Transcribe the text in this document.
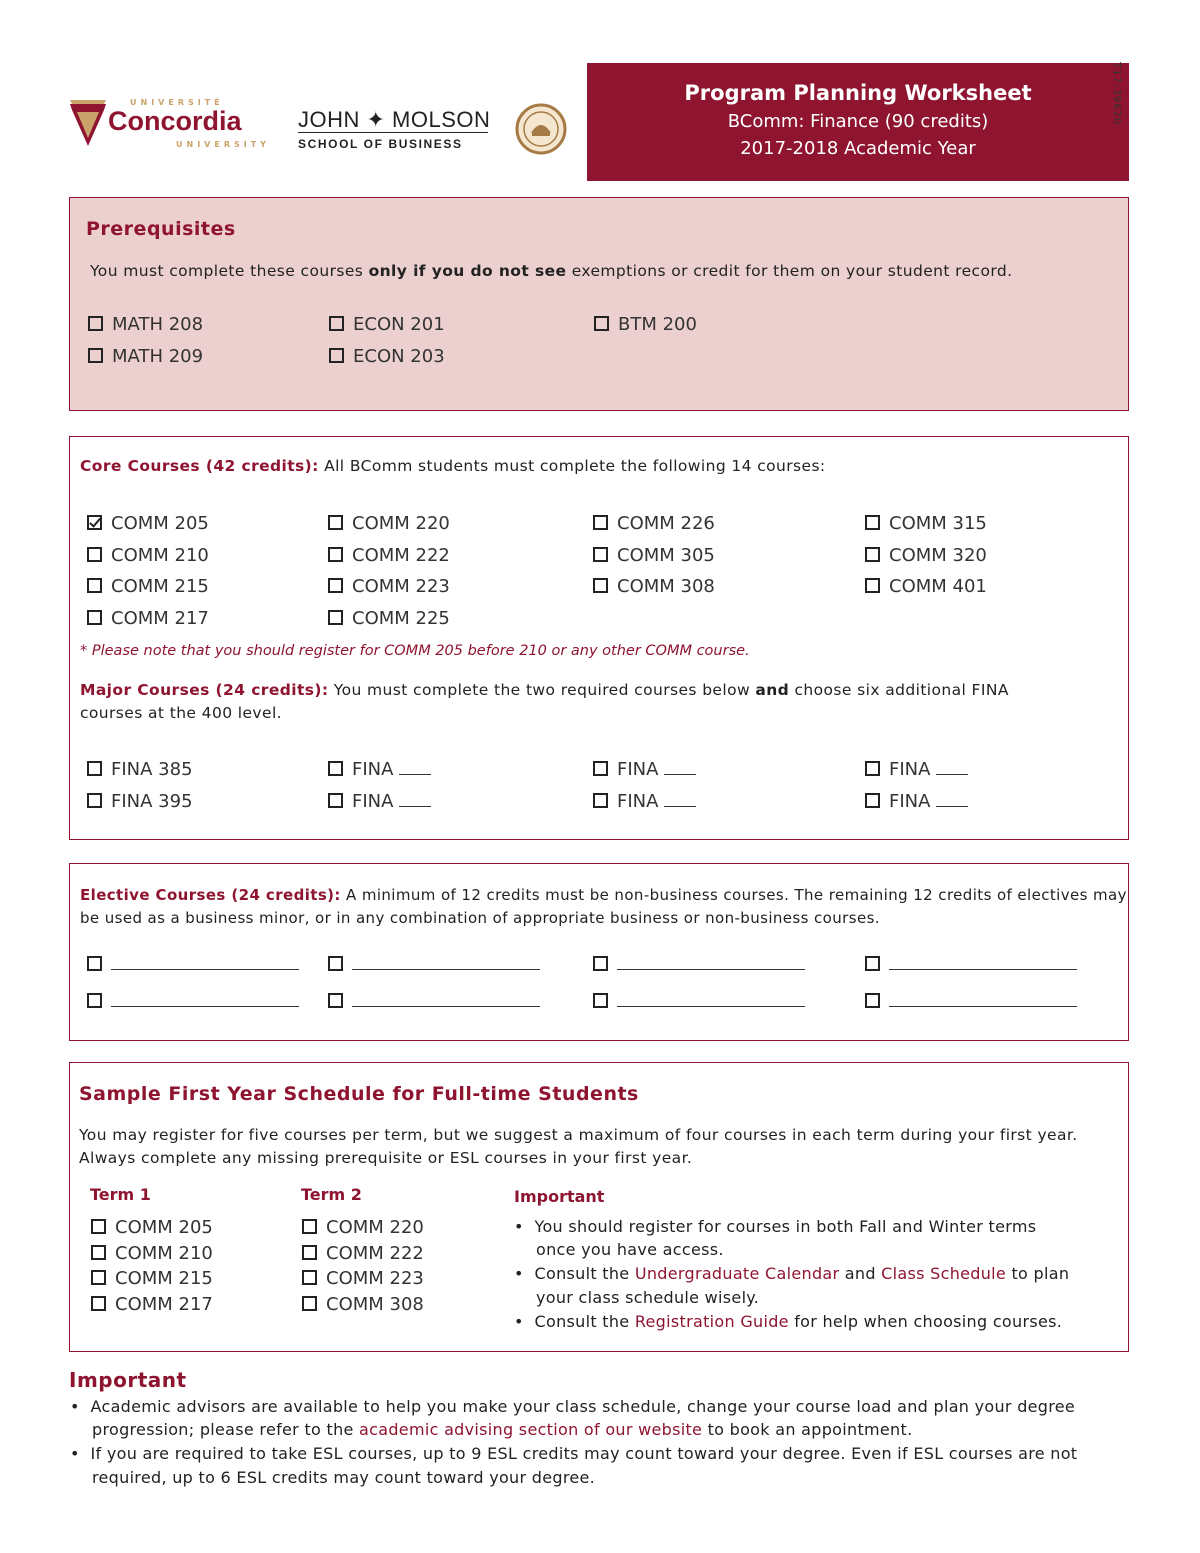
UNIVERSITÉ
Concordia
UNIVERSITY
JOHN ✦ MOLSON
SCHOOL OF BUSINESS
Program Planning Worksheet
BComm: Finance (90 credits)
2017-2018 Academic Year
T17-39620
Prerequisites
You must complete these courses only if you do not see exemptions or credit for them on your student record.
MATH 208
MATH 209
ECON 201
ECON 203
BTM 200
Core Courses (42 credits): All BComm students must complete the following 14 courses:
COMM 205
COMM 210
COMM 215
COMM 217
COMM 220
COMM 222
COMM 223
COMM 225
COMM 226
COMM 305
COMM 308
COMM 315
COMM 320
COMM 401
* Please note that you should register for COMM 205 before 210 or any other COMM course.
Major Courses (24 credits): You must complete the two required courses below and choose six additional FINA
courses at the 400 level.
FINA 385
FINA 395
FINA
FINA
FINA
FINA
FINA
FINA
Elective Courses (24 credits): A minimum of 12 credits must be non-business courses. The remaining 12 credits of electives may
be used as a business minor, or in any combination of appropriate business or non-business courses.
Sample First Year Schedule for Full-time Students
You may register for five courses per term, but we suggest a maximum of four courses in each term during your first year.
Always complete any missing prerequisite or ESL courses in your first year.
Term 1
COMM 205
COMM 210
COMM 215
COMM 217
Term 2
COMM 220
COMM 222
COMM 223
COMM 308
Important
•  You should register for courses in both Fall and Winter terms
once you have access.
•  Consult the Undergraduate Calendar and Class Schedule to plan
your class schedule wisely.
•  Consult the Registration Guide for help when choosing courses.
Important
•  Academic advisors are available to help you make your class schedule, change your course load and plan your degree
progression; please refer to the academic advising section of our website to book an appointment.
•  If you are required to take ESL courses, up to 9 ESL credits may count toward your degree. Even if ESL courses are not
required, up to 6 ESL credits may count toward your degree.
